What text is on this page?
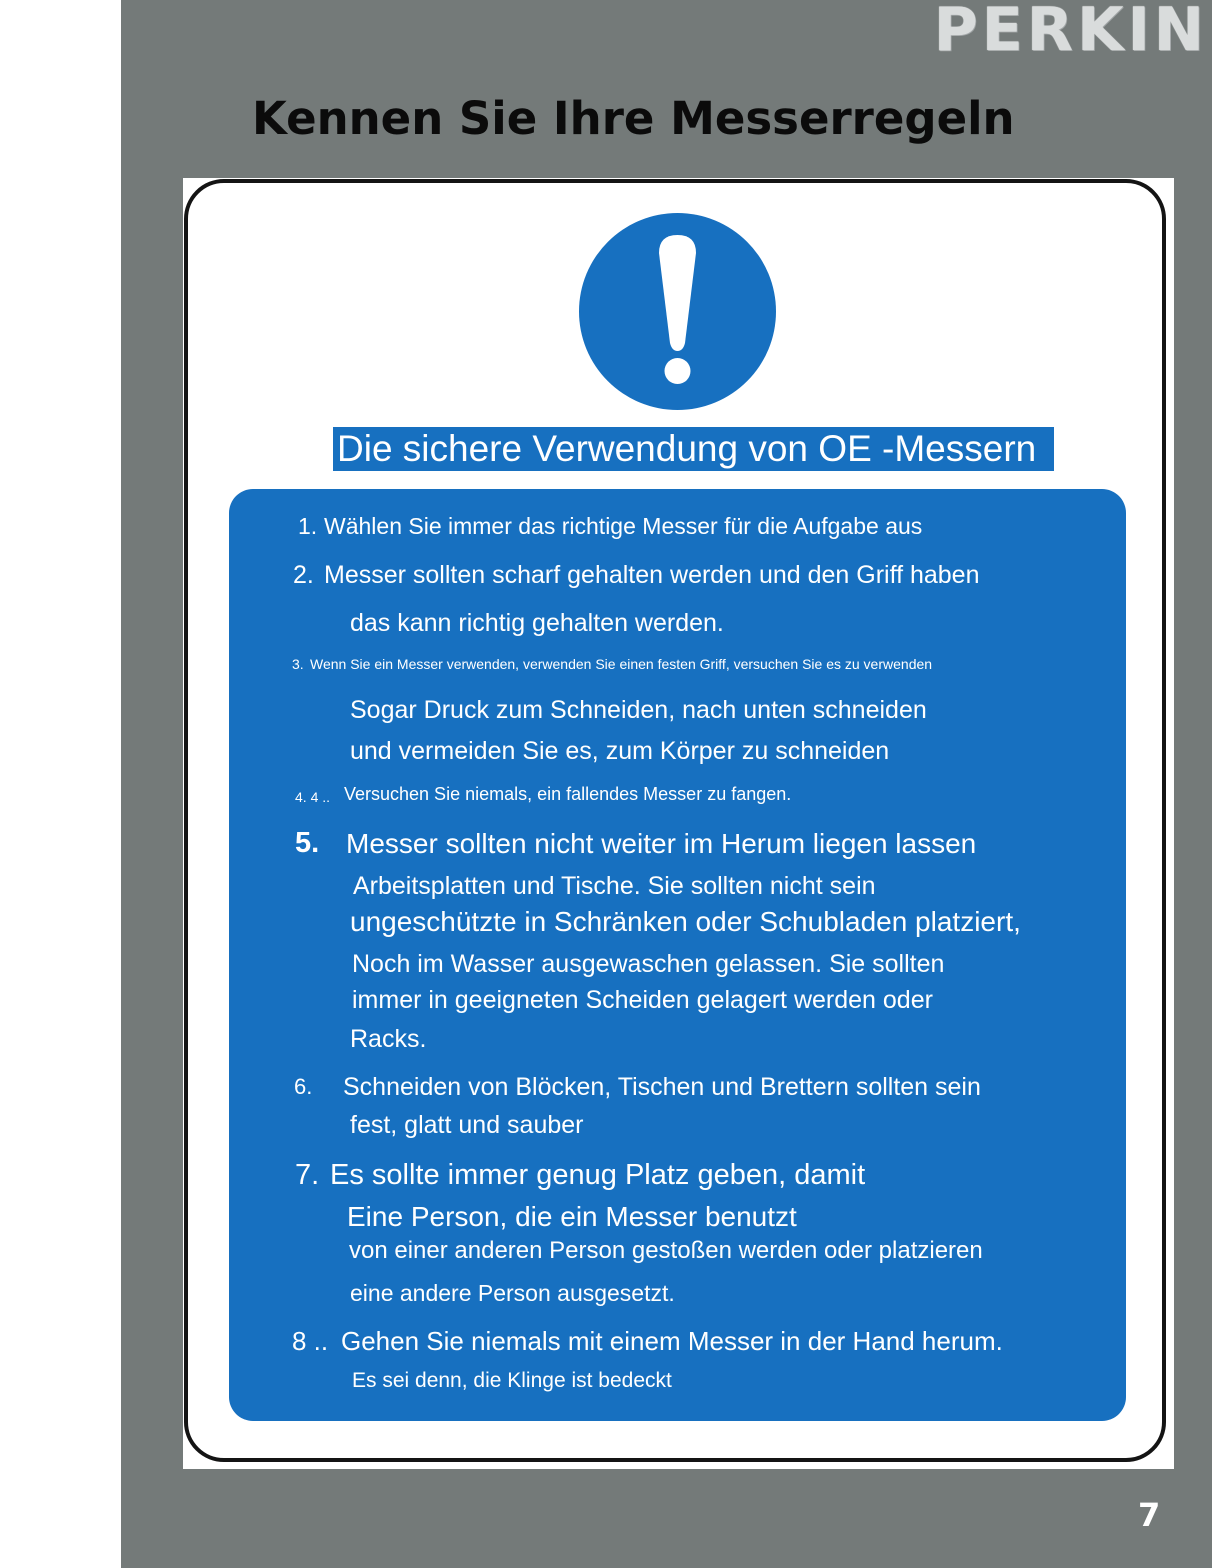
PERKIN
Kennen Sie Ihre Messerregeln
Die sichere Verwendung von OE -Messern
1. Wählen Sie immer das richtige Messer für die Aufgabe aus
2. Messer sollten scharf gehalten werden und den Griff haben
das kann richtig gehalten werden.
3. Wenn Sie ein Messer verwenden, verwenden Sie einen festen Griff, versuchen Sie es zu verwenden
Sogar Druck zum Schneiden, nach unten schneiden
und vermeiden Sie es, zum Körper zu schneiden
4. 4 .. Versuchen Sie niemals, ein fallendes Messer zu fangen.
5. Messer sollten nicht weiter im Herum liegen lassen
Arbeitsplatten und Tische. Sie sollten nicht sein
ungeschützte in Schränken oder Schubladen platziert,
Noch im Wasser ausgewaschen gelassen. Sie sollten
immer in geeigneten Scheiden gelagert werden oder
Racks.
6. Schneiden von Blöcken, Tischen und Brettern sollten sein
fest, glatt und sauber
7. Es sollte immer genug Platz geben, damit
Eine Person, die ein Messer benutzt
von einer anderen Person gestoßen werden oder platzieren
eine andere Person ausgesetzt.
8 .. Gehen Sie niemals mit einem Messer in der Hand herum.
Es sei denn, die Klinge ist bedeckt
7
